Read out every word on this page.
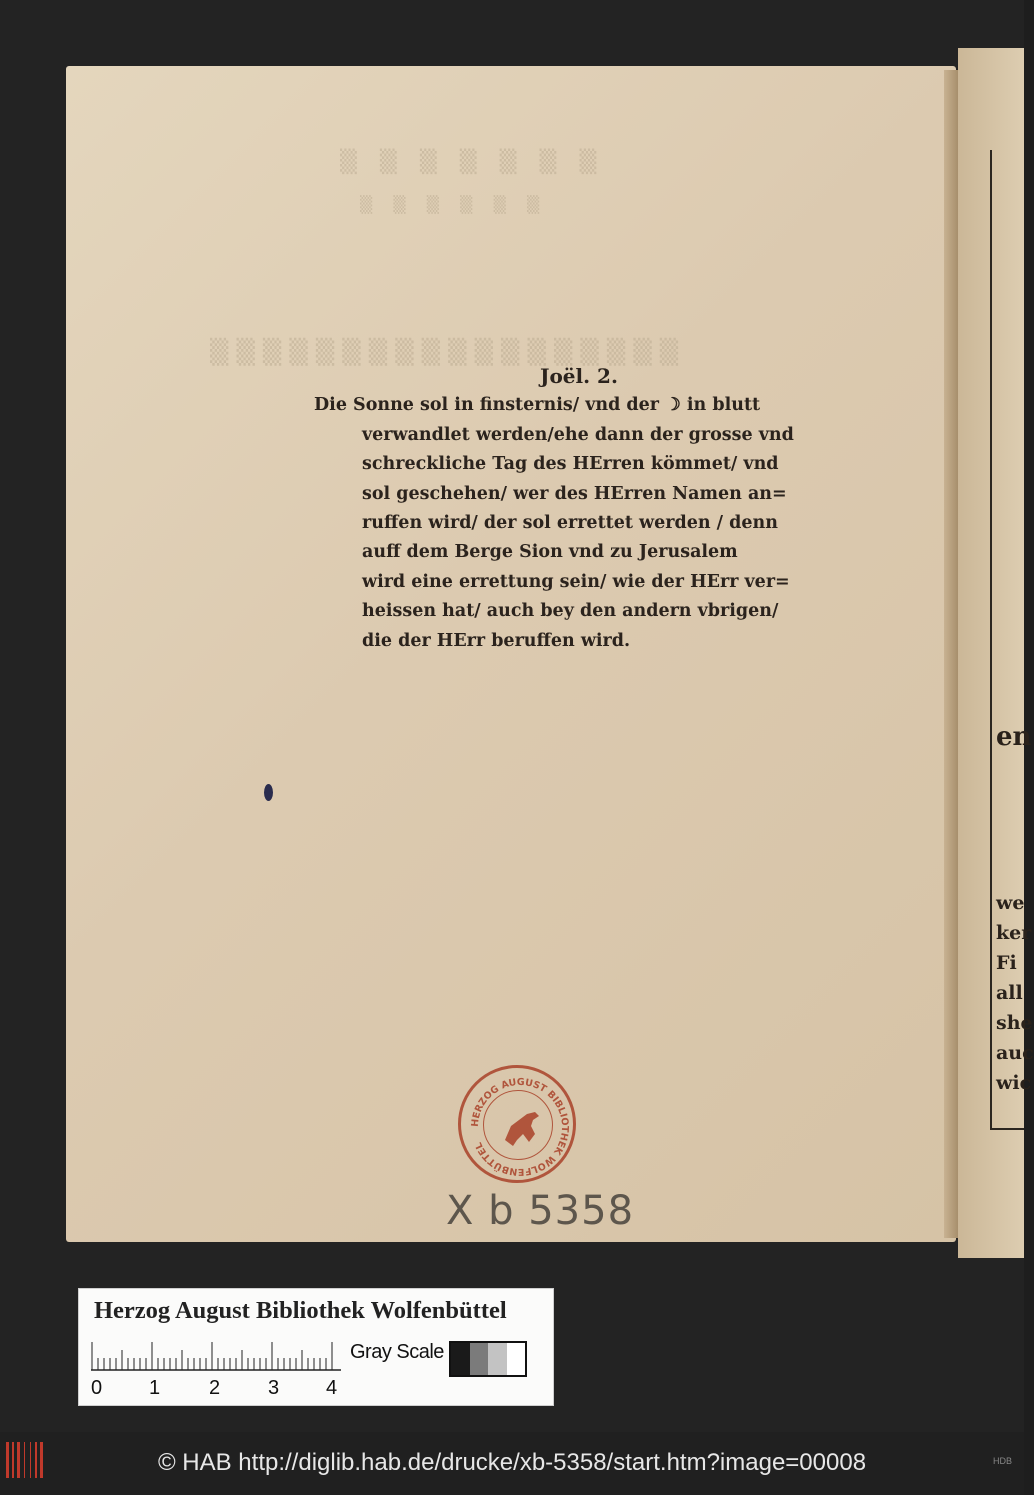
en
we
ker
Fi
all
she
auc
wic
▒ ▒ ▒ ▒ ▒ ▒ ▒
▒ ▒ ▒ ▒ ▒ ▒
▒▒▒▒▒▒▒▒▒▒▒▒▒▒▒▒▒▒
Joël. 2.
Die Sonne sol in finsternis/ vnd der ☽ in blutt
verwandlet werden/ehe dann der grosse vnd
schreckliche Tag des HErren kömmet/ vnd
sol geschehen/ wer des HErren Namen an=
ruffen wird/ der sol errettet werden / denn
auff dem Berge Sion vnd zu Jerusalem
wird eine errettung sein/ wie der HErr ver=
heissen hat/ auch bey den andern vbrigen/
die der HErr beruffen wird.
HERZOG AUGUST BIBLIOTHEK WOLFENBÜTTEL
X b 5358
Herzog August Bibliothek Wolfenbüttel
0 1 2 3 4
Gray Scale
© HAB http://diglib.hab.de/drucke/xb-5358/start.htm?image=00008	HDB
